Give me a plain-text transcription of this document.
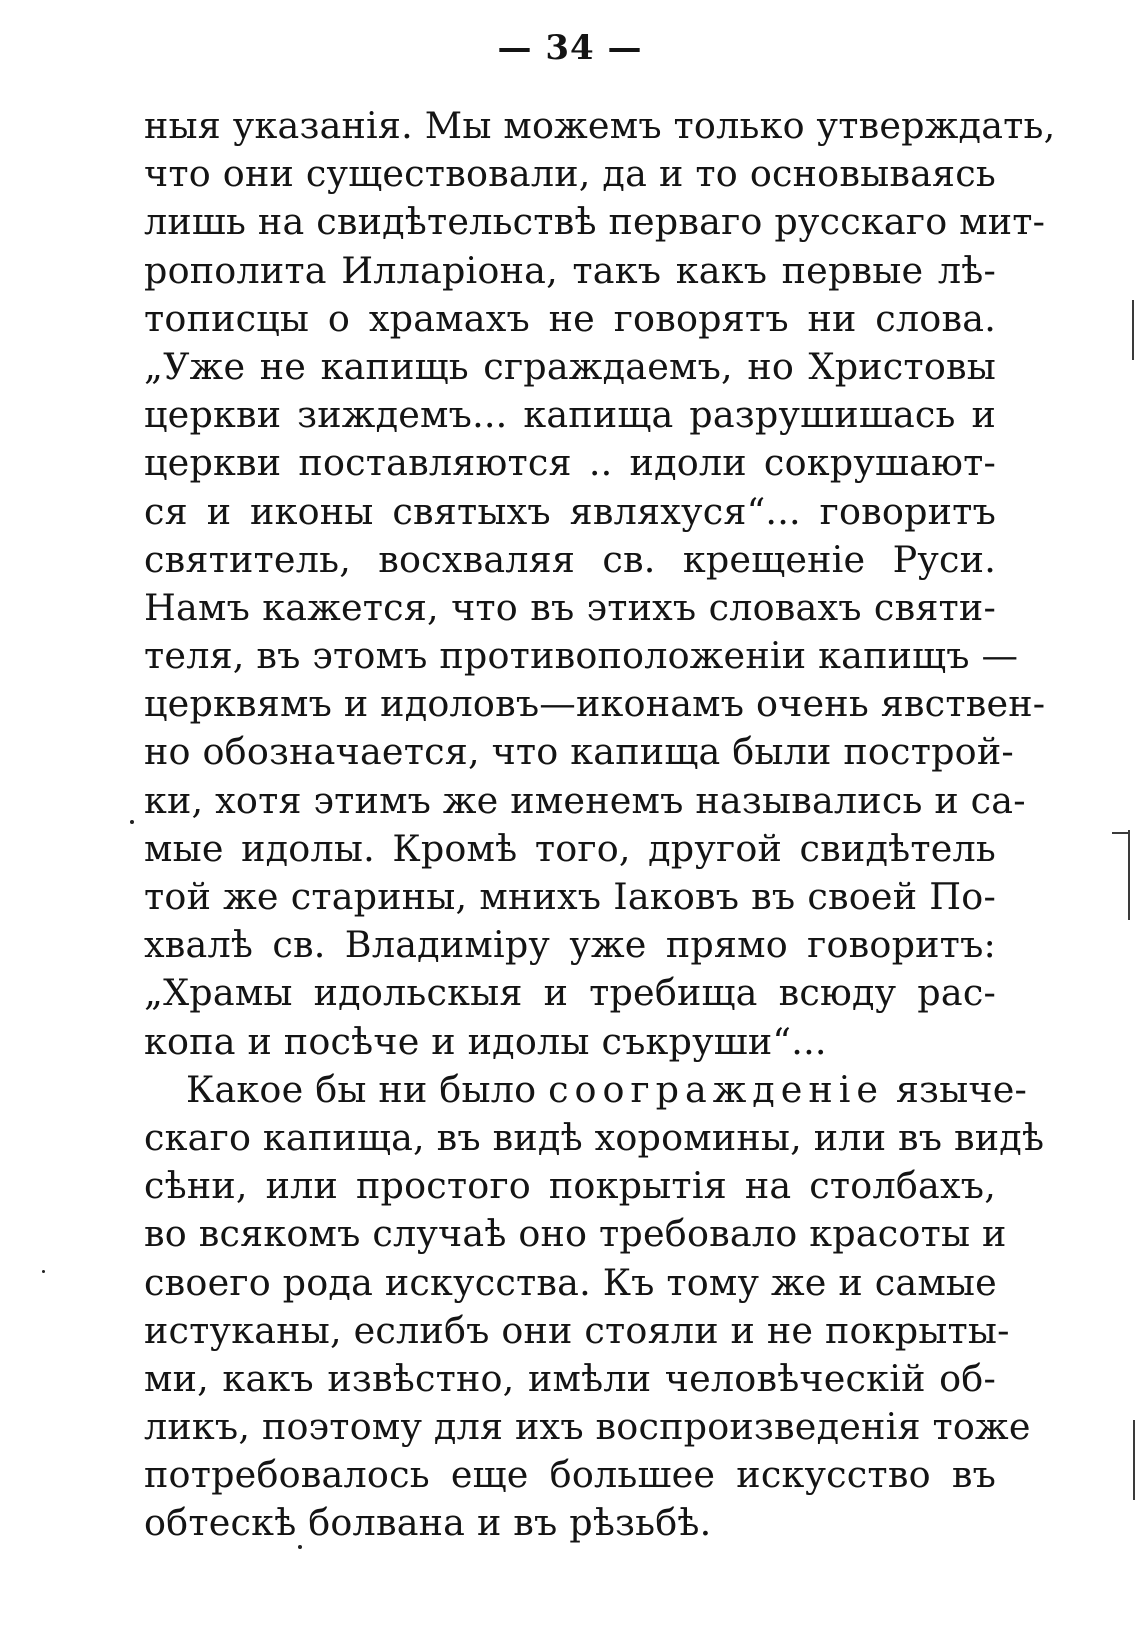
— 34 —
ныя указанія. Мы можемъ только утверждать,
что они существовали, да и то основываясь
лишь на свидѣтельствѣ перваго русскаго мит-
рополита Илларіона, такъ какъ первые лѣ-
тописцы о храмахъ не говорятъ ни слова.
„Уже не капищь сграждаемъ, но Христовы
церкви зиждемъ... капища разрушишась и
церкви поставляются .. идоли сокрушают-
ся и иконы святыхъ являхуся“... говоритъ
святитель, восхваляя св. крещеніе Руси.
Намъ кажется, что въ этихъ словахъ святи-
теля, въ этомъ противоположеніи капищъ —
церквямъ и идоловъ—иконамъ очень явствен-
но обозначается, что капища были построй-
ки, хотя этимъ же именемъ назывались и са-
мые идолы. Кромѣ того, другой свидѣтель
той же старины, мнихъ Іаковъ въ своей По-
хвалѣ св. Владиміру уже прямо говоритъ:
„Храмы идольскыя и требища всюду рас-
копа и посѣче и идолы съкруши“...
Какое бы ни было соогражденіе языче-
скаго капища, въ видѣ хоромины, или въ видѣ
сѣни, или простого покрытія на столбахъ,
во всякомъ случаѣ оно требовало красоты и
своего рода искусства. Къ тому же и самые
истуканы, еслибъ они стояли и не покрыты-
ми, какъ извѣстно, имѣли человѣческій об-
ликъ, поэтому для ихъ воспроизведенія тоже
потребовалось еще большее искусство въ
обтескѣ болвана и въ рѣзьбѣ.
